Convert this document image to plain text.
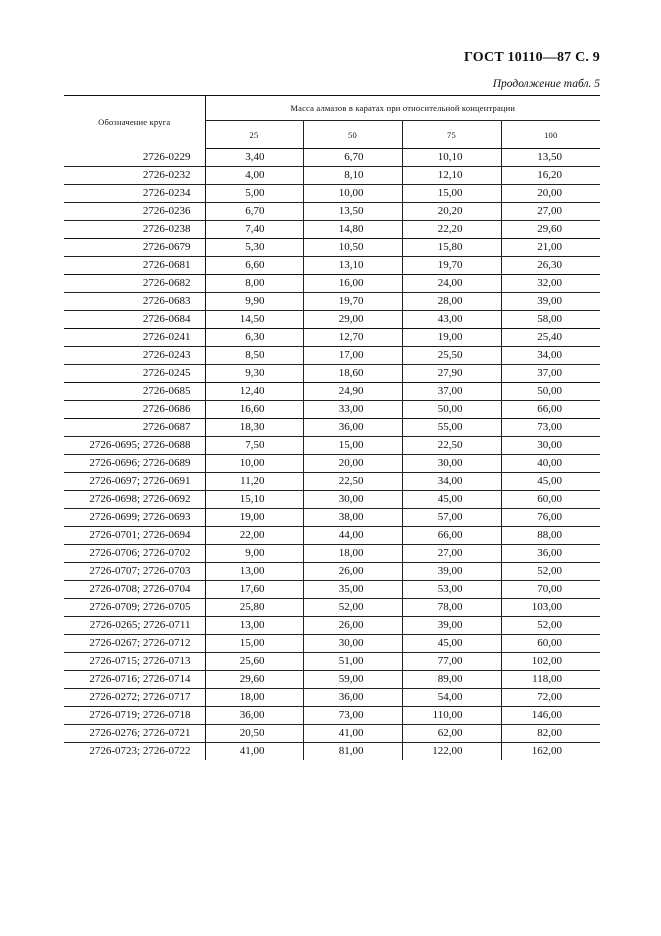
ГОСТ 10110—87 С. 9
Продолжение табл. 5
Обозначение круга	Масса алмазов в каратах при относительной концентрации			
	25	50	75	100
2726-0229	3,40	6,70	10,10	13,50
2726-0232	4,00	8,10	12,10	16,20
2726-0234	5,00	10,00	15,00	20,00
2726-0236	6,70	13,50	20,20	27,00
2726-0238	7,40	14,80	22,20	29,60
2726-0679	5,30	10,50	15,80	21,00
2726-0681	6,60	13,10	19,70	26,30
2726-0682	8,00	16,00	24,00	32,00
2726-0683	9,90	19,70	28,00	39,00
2726-0684	14,50	29,00	43,00	58,00
2726-0241	6,30	12,70	19,00	25,40
2726-0243	8,50	17,00	25,50	34,00
2726-0245	9,30	18,60	27,90	37,00
2726-0685	12,40	24,90	37,00	50,00
2726-0686	16,60	33,00	50,00	66,00
2726-0687	18,30	36,00	55,00	73,00
2726-0695; 2726-0688	7,50	15,00	22,50	30,00
2726-0696; 2726-0689	10,00	20,00	30,00	40,00
2726-0697; 2726-0691	11,20	22,50	34,00	45,00
2726-0698; 2726-0692	15,10	30,00	45,00	60,00
2726-0699; 2726-0693	19,00	38,00	57,00	76,00
2726-0701; 2726-0694	22,00	44,00	66,00	88,00
2726-0706; 2726-0702	9,00	18,00	27,00	36,00
2726-0707; 2726-0703	13,00	26,00	39,00	52,00
2726-0708; 2726-0704	17,60	35,00	53,00	70,00
2726-0709; 2726-0705	25,80	52,00	78,00	103,00
2726-0265; 2726-0711	13,00	26,00	39,00	52,00
2726-0267; 2726-0712	15,00	30,00	45,00	60,00
2726-0715; 2726-0713	25,60	51,00	77,00	102,00
2726-0716; 2726-0714	29,60	59,00	89,00	118,00
2726-0272; 2726-0717	18,00	36,00	54,00	72,00
2726-0719; 2726-0718	36,00	73,00	110,00	146,00
2726-0276; 2726-0721	20,50	41,00	62,00	82,00
2726-0723; 2726-0722	41,00	81,00	122,00	162,00
